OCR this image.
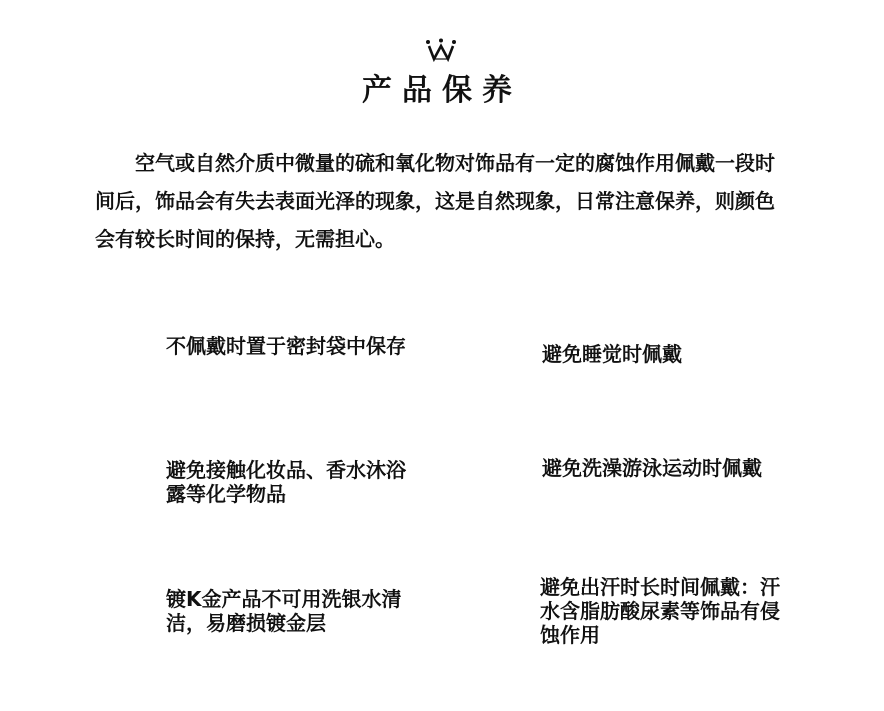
产品保养

空气或自然介质中微量的硫和氧化物对饰品有一定的腐蚀作用佩戴一段时间后，饰品会有失去表面光泽的现象，这是自然现象，日常注意保养，则颜色会有较长时间的保持，无需担心。

不佩戴时置于密封袋中保存	避免睡觉时佩戴

避免接触化妆品、香水沐浴露等化学物品

避免洗澡游泳运动时佩戴

镀K金产品不可用洗银水清洁，易磨损镀金层

避免出汗时长时间佩戴：汗水含脂肪酸尿素等饰品有侵蚀作用
